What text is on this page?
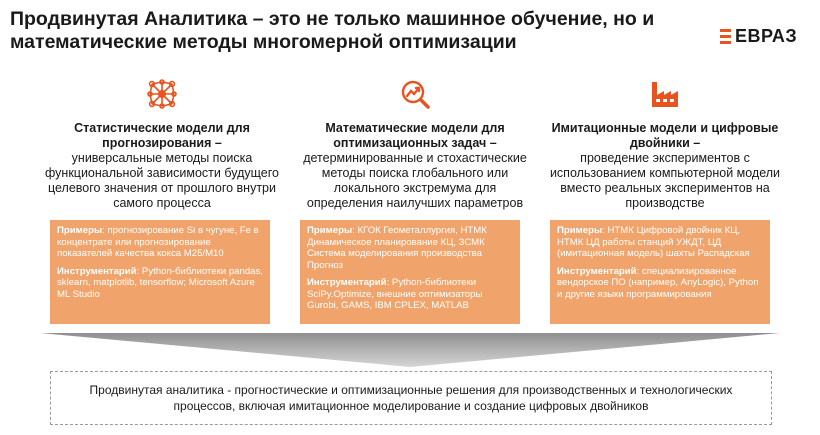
Продвинутая Аналитика – это не только машинное обучение, но и математические методы многомерной оптимизации	ЕВРАЗ
Статистические модели для прогнозирования –
универсальные методы поиска функциональной зависимости будущего целевого значения от прошлого внутри самого процесса
Математические модели для оптимизационных задач –
детерминированные и стохастические методы поиска глобального или локального экстремума для определения наилучших параметров
Имитационные модели и цифровые двойники –
проведение экспериментов с использованием компьютерной модели вместо реальных экспериментов на производстве

Примеры: прогнозирование Si в чугуне, Fe в концентрате или прогнозирование показателей качества кокса М25/М10

Инструментарий: Python-библиотеки pandas, sklearn, matplotlib, tensorflow; Microsoft Azure ML Studio

Примеры: КГОК Геометаллургия, НТМК Динамическое планирование КЦ, ЗСМК Система моделирования производства Прогноз

Инструментарий: Python-библиотеки SciPy.Optimize, внешние оптимизаторы Gurobi, GAMS, IBM CPLEX, MATLAB

Примеры: НТМК Цифровой двойник КЦ, НТМК ЦД работы станций УЖДТ, ЦД (имитационная модель) шахты Распадская

Инструментарий: специализированное вендорское ПО (например, AnyLogic), Python и другие языки программирования

Продвинутая аналитика - прогностические и оптимизационные решения для производственных и технологических процессов, включая имитационное моделирование и создание цифровых двойников
